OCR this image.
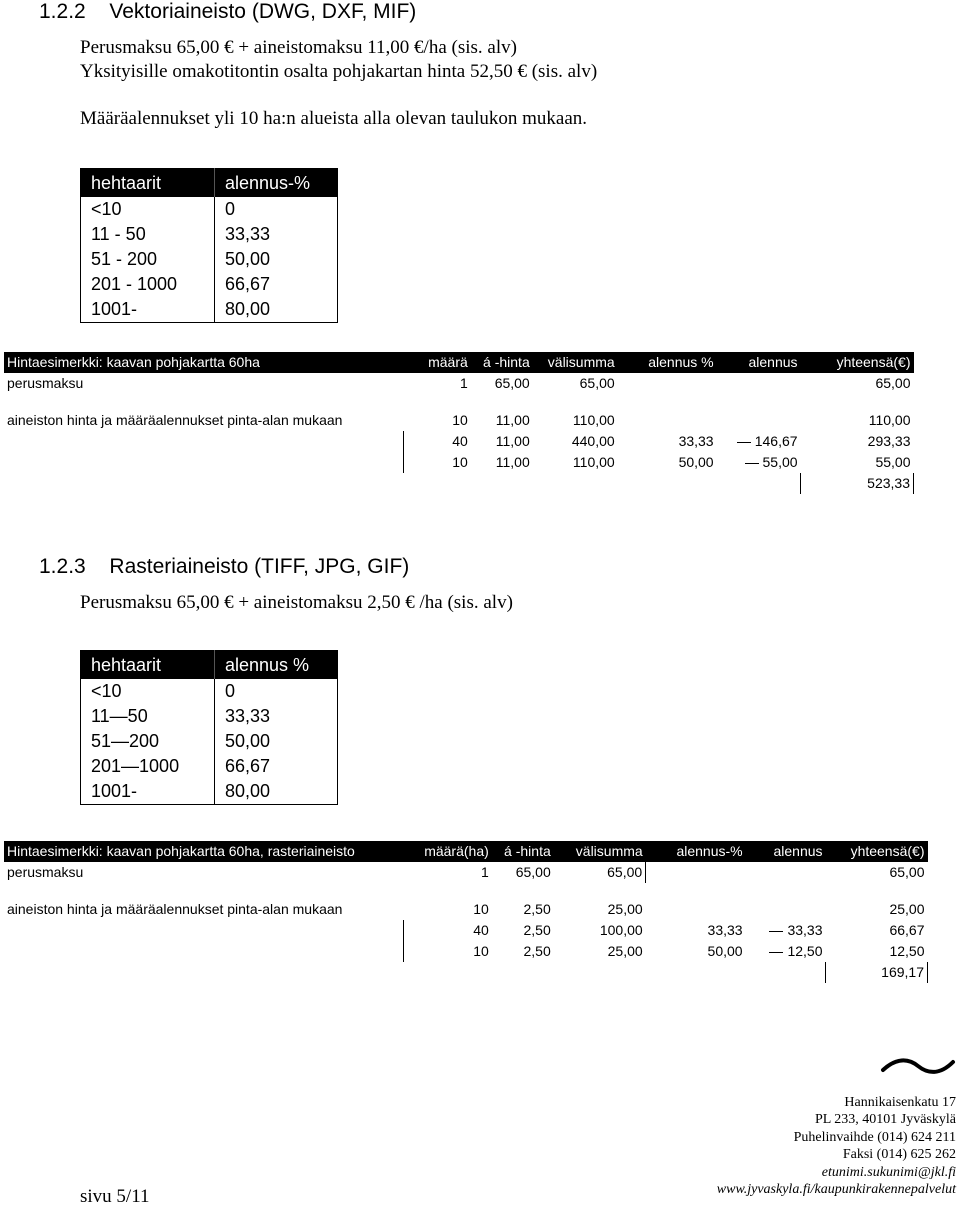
1.2.2 Vektoriaineisto (DWG, DXF, MIF)
Perusmaksu 65,00 € + aineistomaksu 11,00 €/ha (sis. alv)
Yksityisille omakotitontin osalta pohjakartan hinta 52,50 € (sis. alv)
Määräalennukset yli 10 ha:n alueista alla olevan taulukon mukaan.
hehtaarit	alennus-%
<10	0
11 - 50	33,33
51 - 200	50,00
201 - 1000	66,67
1001-	80,00
Hintaesimerkki: kaavan pohjakartta 60ha	määrä	á -hinta	välisumma	alennus %	alennus	yhteensä(€)
perusmaksu	1	65,00	65,00			65,00

aineiston hinta ja määräalennukset pinta-alan mukaan	10	11,00	110,00			110,00
	40	11,00	440,00	33,33	146,67	293,33
	10	11,00	110,00	50,00	55,00	55,00
						523,33
1.2.3 Rasteriaineisto (TIFF, JPG, GIF)
Perusmaksu 65,00 € + aineistomaksu 2,50 € /ha (sis. alv)
hehtaarit	alennus %
<10	0
11—50	33,33
51—200	50,00
201—1000	66,67
1001-	80,00
Hintaesimerkki: kaavan pohjakartta 60ha, rasteriaineisto	määrä(ha)	á -hinta	välisumma	alennus-%	alennus	yhteensä(€)
perusmaksu	1	65,00	65,00			65,00

aineiston hinta ja määräalennukset pinta-alan mukaan	10	2,50	25,00			25,00
	40	2,50	100,00	33,33	33,33	66,67
	10	2,50	25,00	50,00	12,50	12,50
						169,17
sivu 5/11
Hannikaisenkatu 17
PL 233, 40101 Jyväskylä
Puhelinvaihde (014) 624 211
Faksi (014) 625 262
etunimi.sukunimi@jkl.fi
www.jyvaskyla.fi/kaupunkirakennepalvelut
